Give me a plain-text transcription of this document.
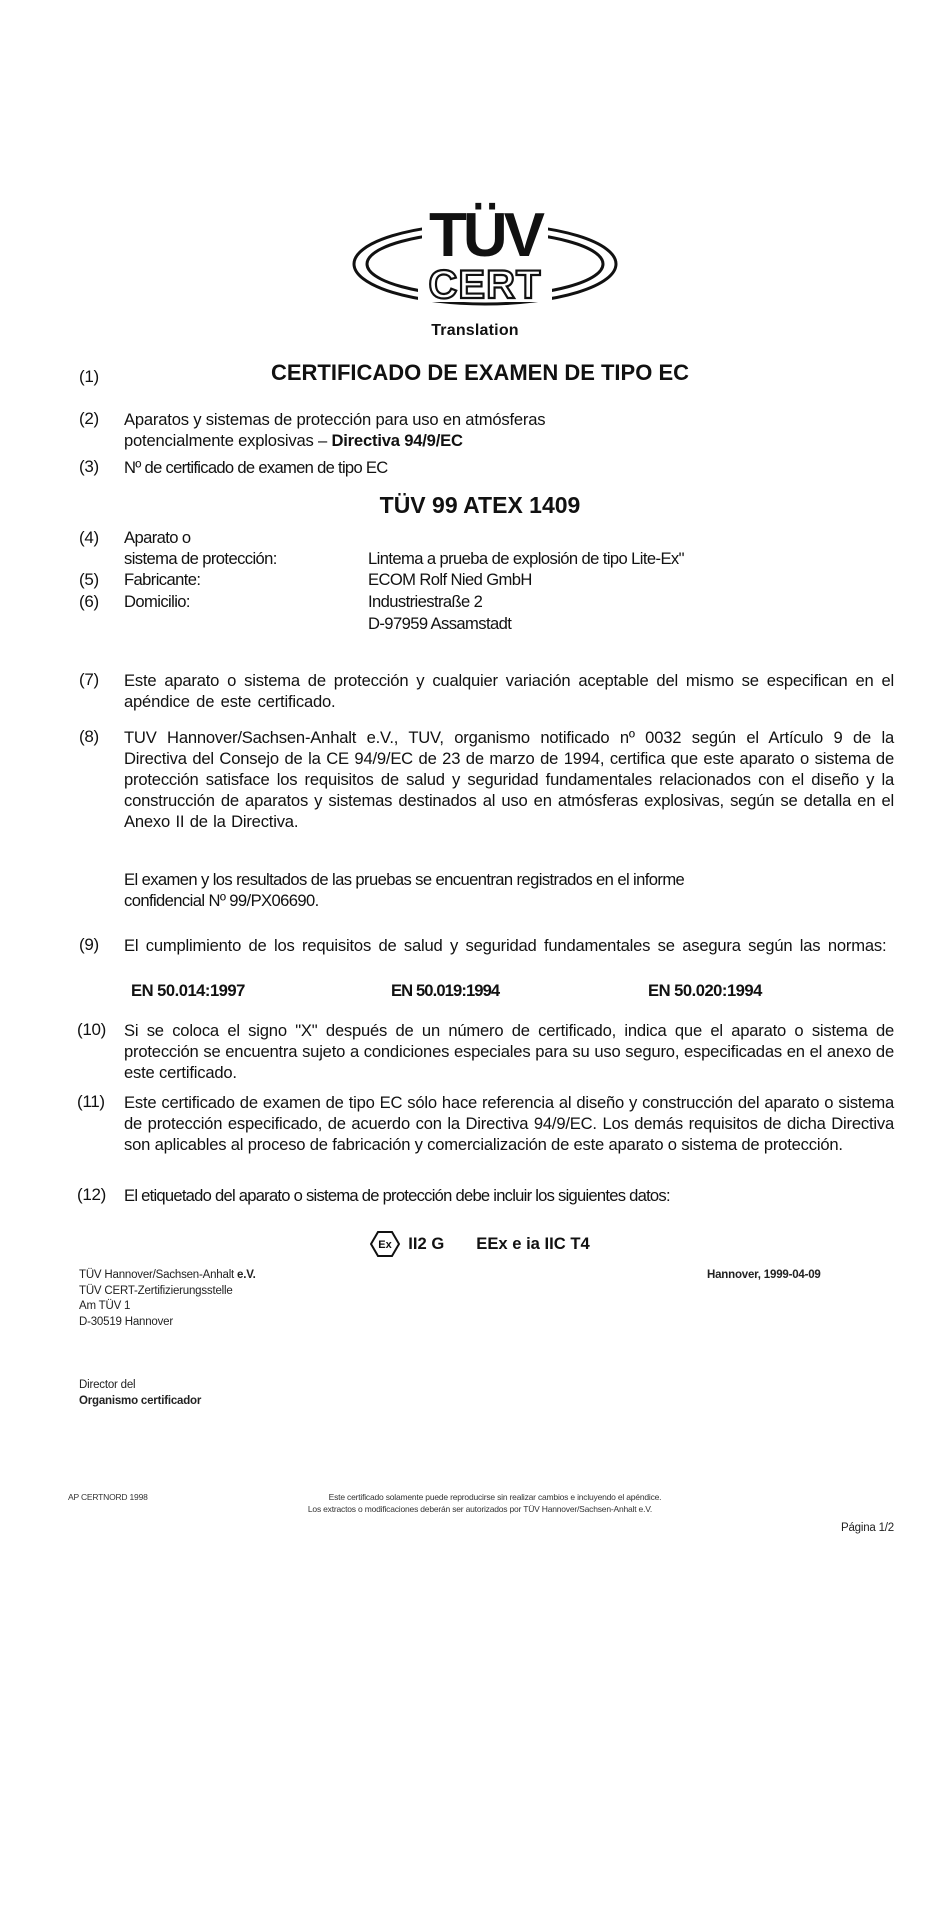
TÜV
CERT
Translation
(1)	CERTIFICADO DE EXAMEN DE TIPO EC
(2) Aparatos y sistemas de protección para uso en atmósferas
potencialmente explosivas – Directiva 94/9/EC
(3) Nº de certificado de examen de tipo EC
TÜV 99 ATEX 1409
(4) Aparato o
sistema de protección:	Lintema a prueba de explosión de tipo Lite-Ex"
(5) Fabricante:	ECOM Rolf Nied GmbH
(6) Domicilio:	Industriestraße 2
D-97959 Assamstadt
(7) Este aparato o sistema de protección y cualquier variación aceptable del mismo se especifican en el apéndice de este certificado.
(8) TUV Hannover/Sachsen-Anhalt e.V., TUV, organismo notificado nº 0032 según el Artículo 9 de la Directiva del Consejo de la CE 94/9/EC de 23 de marzo de 1994, certifica que este aparato o sistema de protección satisface los requisitos de salud y seguridad fundamentales relacionados con el diseño y la construcción de aparatos y sistemas destinados al uso en atmósferas explosivas, según se detalla en el Anexo II de la Directiva.
El examen y los resultados de las pruebas se encuentran registrados en el informe
confidencial Nº 99/PX06690.
(9) El cumplimiento de los requisitos de salud y seguridad fundamentales se asegura según las normas:
EN 50.014:1997	EN 50.019:1994	EN 50.020:1994
(10) Si se coloca el signo "X" después de un número de certificado, indica que el aparato o sistema de protección se encuentra sujeto a condiciones especiales para su uso seguro, especificadas en el anexo de este certificado.
(11) Este certificado de examen de tipo EC sólo hace referencia al diseño y construcción del aparato o sistema de protección especificado, de acuerdo con la Directiva 94/9/EC. Los demás requisitos de dicha Directiva son aplicables al proceso de fabricación y comercialización de este aparato o sistema de protección.
(12) El etiquetado del aparato o sistema de protección debe incluir los siguientes datos:
Ex II2 G EEx e ia IIC T4
TÜV Hannover/Sachsen-Anhalt e.V.
TÜV CERT-Zertifizierungsstelle
Am TÜV 1
D-30519 Hannover
Hannover, 1999-04-09
Director del
Organismo certificador
AP CERTNORD 1998	Este certificado solamente puede reproducirse sin realizar cambios e incluyendo el apéndice.
Los extractos o modificaciones deberán ser autorizados por TÜV Hannover/Sachsen-Anhalt e.V.
Página 1/2
